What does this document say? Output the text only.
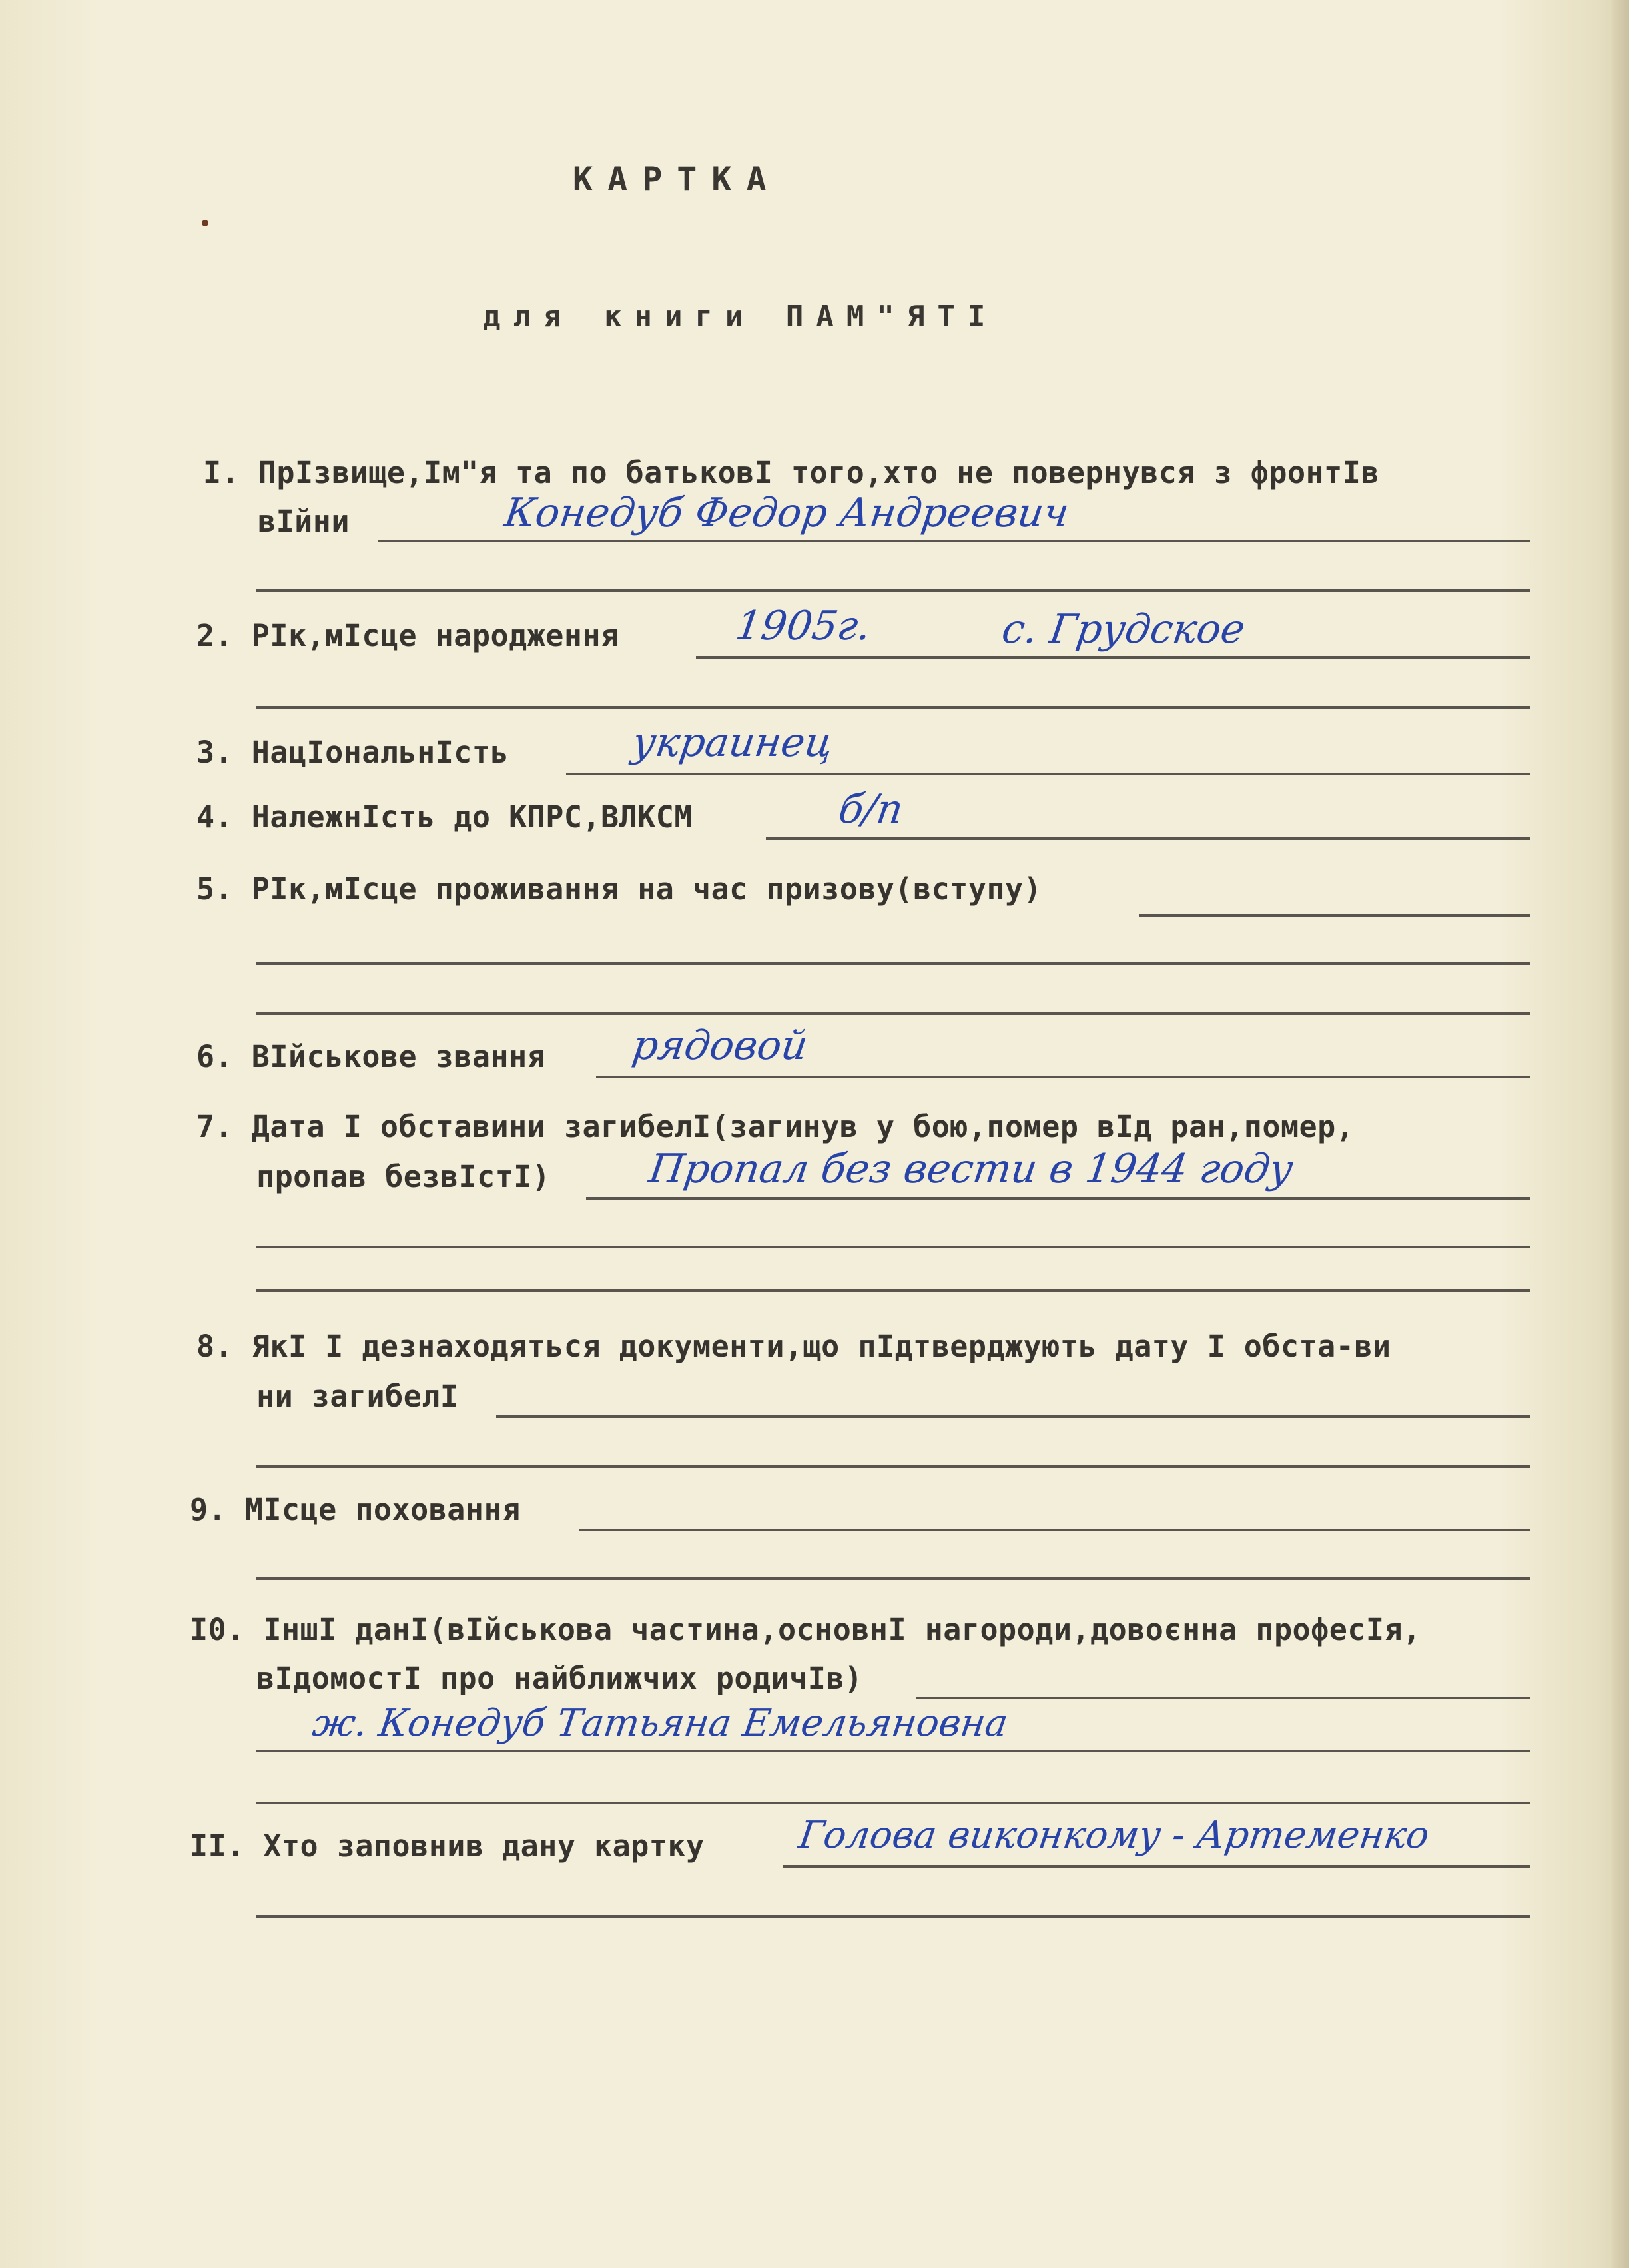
КАРТКА
для книги ПАМ"ЯТІ
I. ПрІзвище,Ім"я та по батьковІ того,хто не повернувся з фронтІв
вІйни	Конедуб Федор Андреевич
2. РІк,мІсце народження	1905г.	с. Грудское
3. НацІональнІсть	украинец
4. НалежнІсть до КПРС,ВЛКСМ	б/п
5. РІк,мІсце проживання на час призову(вступу)
6. ВІйськове звання рядовой
7. Дата І обставини загибелІ(загинув у бою,помер вІд ран,помер,
пропав безвІстІ) Пропал без вести в 1944 году
8. ЯкІ І дезнаходяться документи,що пІдтверджують дату І обста-ви
ни загибелІ
9. МІсце поховання
I0. ІншІ данІ(вІйськова частина,основнІ нагороди,довоєнна професІя,
вІдомостІ про найближчих родичІв)
ж. Конедуб Татьяна Емельяновна
II. Хто заповнив дану картку Голова виконкому - Артеменко
